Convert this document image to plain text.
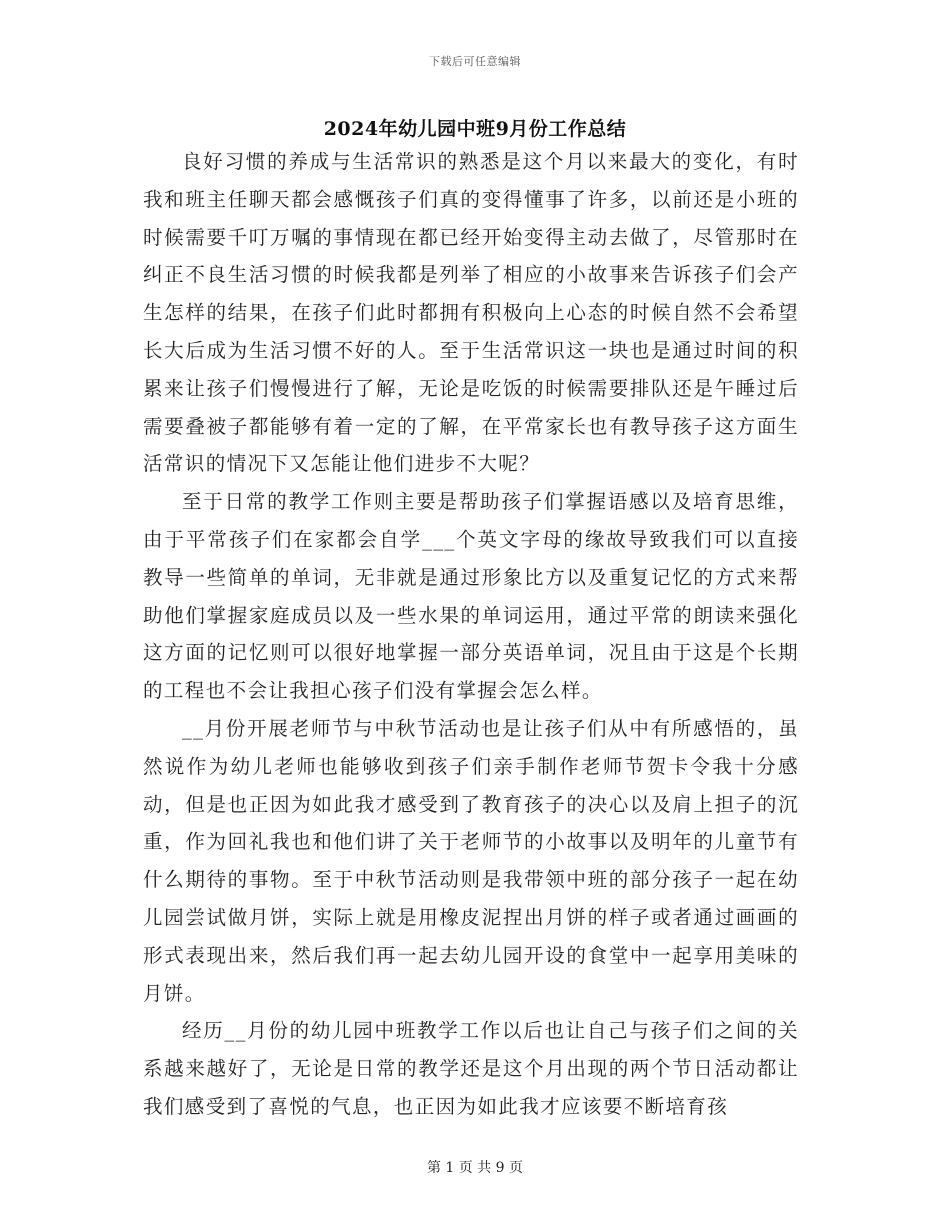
下载后可任意编辑
2024年幼儿园中班9月份工作总结

良好习惯的养成与生活常识的熟悉是这个月以来最大的变化，有时我和班主任聊天都会感慨孩子们真的变得懂事了许多，以前还是小班的时候需要千叮万嘱的事情现在都已经开始变得主动去做了，尽管那时在纠正不良生活习惯的时候我都是列举了相应的小故事来告诉孩子们会产生怎样的结果，在孩子们此时都拥有积极向上心态的时候自然不会希望长大后成为生活习惯不好的人。至于生活常识这一块也是通过时间的积累来让孩子们慢慢进行了解，无论是吃饭的时候需要排队还是午睡过后需要叠被子都能够有着一定的了解，在平常家长也有教导孩子这方面生活常识的情况下又怎能让他们进步不大呢？

至于日常的教学工作则主要是帮助孩子们掌握语感以及培育思维，由于平常孩子们在家都会自学___个英文字母的缘故导致我们可以直接教导一些简单的单词，无非就是通过形象比方以及重复记忆的方式来帮助他们掌握家庭成员以及一些水果的单词运用，通过平常的朗读来强化这方面的记忆则可以很好地掌握一部分英语单词，况且由于这是个长期的工程也不会让我担心孩子们没有掌握会怎么样。

__月份开展老师节与中秋节活动也是让孩子们从中有所感悟的，虽然说作为幼儿老师也能够收到孩子们亲手制作老师节贺卡令我十分感动，但是也正因为如此我才感受到了教育孩子的决心以及肩上担子的沉重，作为回礼我也和他们讲了关于老师节的小故事以及明年的儿童节有什么期待的事物。至于中秋节活动则是我带领中班的部分孩子一起在幼儿园尝试做月饼，实际上就是用橡皮泥捏出月饼的样子或者通过画画的形式表现出来，然后我们再一起去幼儿园开设的食堂中一起享用美味的月饼。

经历__月份的幼儿园中班教学工作以后也让自己与孩子们之间的关系越来越好了，无论是日常的教学还是这个月出现的两个节日活动都让我们感受到了喜悦的气息，也正因为如此我才应该要不断培育孩

第 1 页 共 9 页
